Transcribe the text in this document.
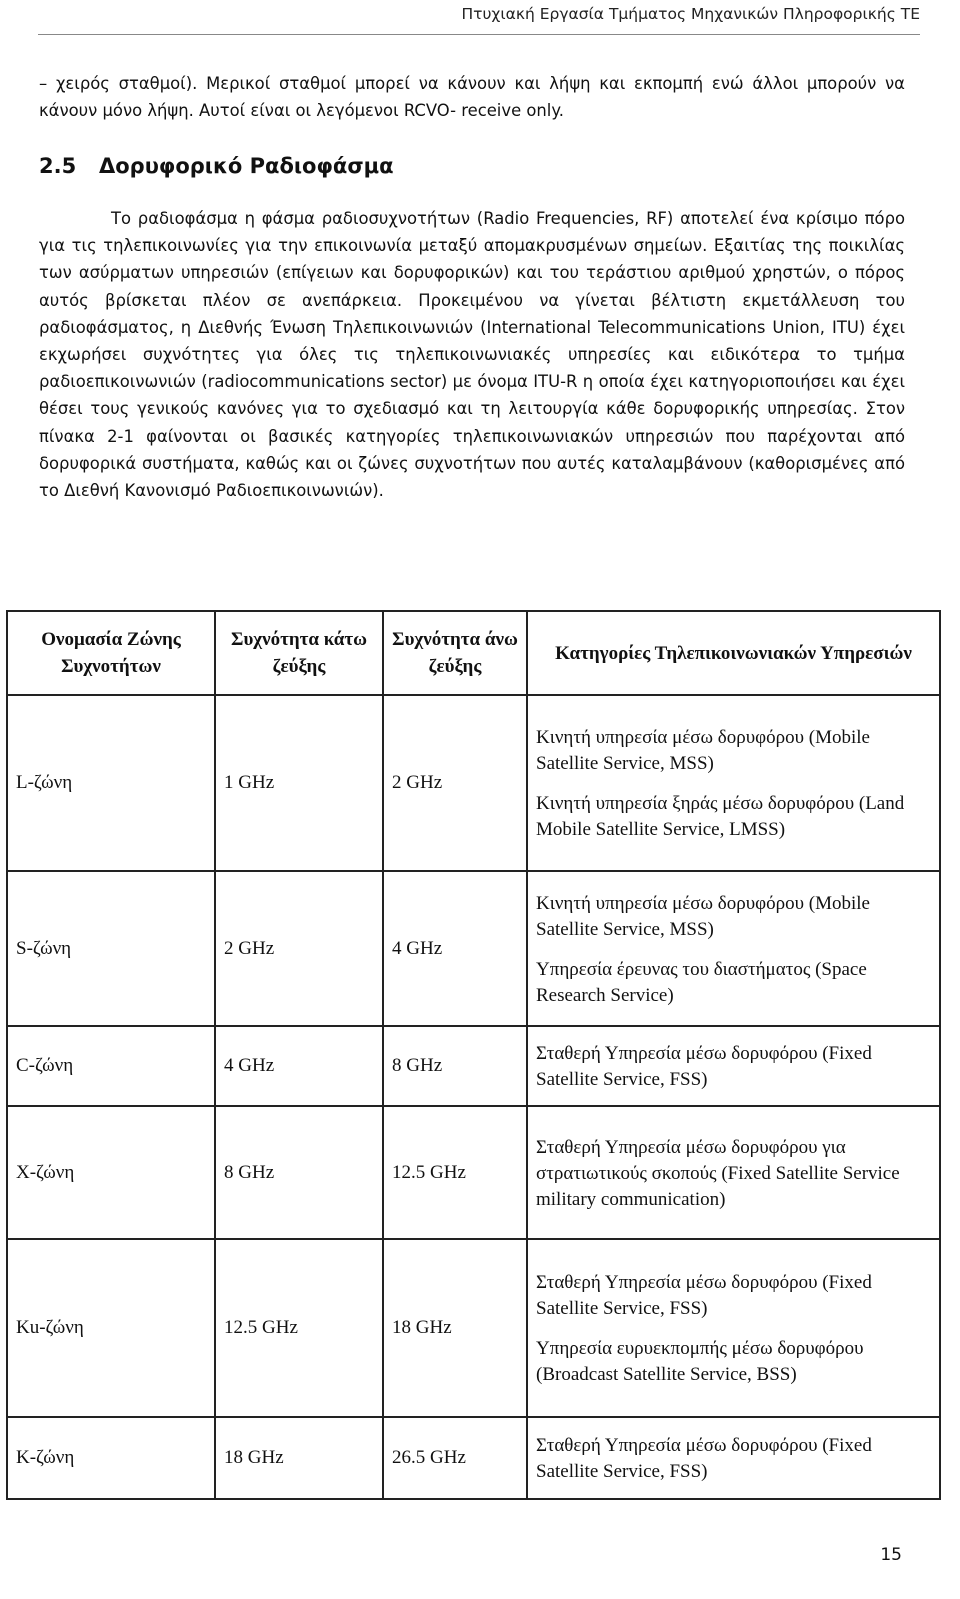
Πτυχιακή Εργασία Τμήματος Μηχανικών Πληροφορικής ΤΕ
– χειρός σταθμοί). Μερικοί σταθμοί μπορεί να κάνουν και λήψη και εκπομπή ενώ άλλοι μπορούν να κάνουν μόνο λήψη. Αυτοί είναι οι λεγόμενοι RCVO- receive only.
2.5 Δορυφορικό Ραδιοφάσμα
Το ραδιοφάσμα η φάσμα ραδιοσυχνοτήτων (Radio Frequencies, RF) αποτελεί ένα κρίσιμο πόρο για τις τηλεπικοινωνίες για την επικοινωνία μεταξύ απομακρυσμένων σημείων. Εξαιτίας της ποικιλίας των ασύρματων υπηρεσιών (επίγειων και δορυφορικών) και του τεράστιου αριθμού χρηστών, ο πόρος αυτός βρίσκεται πλέον σε ανεπάρκεια. Προκειμένου να γίνεται βέλτιστη εκμετάλλευση του ραδιοφάσματος, η Διεθνής Ένωση Τηλεπικοινωνιών (International Telecommunications Union, ITU) έχει εκχωρήσει συχνότητες για όλες τις τηλεπικοινωνιακές υπηρεσίες και ειδικότερα το τμήμα ραδιοεπικοινωνιών (radiocommunications sector) με όνομα ITU-R η οποία έχει κατηγοριοποιήσει και έχει θέσει τους γενικούς κανόνες για το σχεδιασμό και τη λειτουργία κάθε δορυφορικής υπηρεσίας. Στον πίνακα 2-1 φαίνονται οι βασικές κατηγορίες τηλεπικοινωνιακών υπηρεσιών που παρέχονται από δορυφορικά συστήματα, καθώς και οι ζώνες συχνοτήτων που αυτές καταλαμβάνουν (καθορισμένες από το Διεθνή Κανονισμό Ραδιοεπικοινωνιών).
Ονομασία Ζώνης Συχνοτήτων	Συχνότητα κάτω ζεύξης	Συχνότητα άνω ζεύξης	Κατηγορίες Τηλεπικοινωνιακών Υπηρεσιών
L-ζώνη	1 GHz	2 GHz	Κινητή υπηρεσία μέσω δορυφόρου (Mobile Satellite Service, MSS)
Κινητή υπηρεσία ξηράς μέσω δορυφόρου (Land Mobile Satellite Service, LMSS)

S-ζώνη	2 GHz	4 GHz	Κινητή υπηρεσία μέσω δορυφόρου (Mobile Satellite Service, MSS)
Υπηρεσία έρευνας του διαστήματος (Space Research Service)

C-ζώνη	4 GHz	8 GHz	Σταθερή Υπηρεσία μέσω δορυφόρου (Fixed Satellite Service, FSS)

X-ζώνη	8 GHz	12.5 GHz	Σταθερή Υπηρεσία μέσω δορυφόρου για στρατιωτικούς σκοπούς (Fixed Satellite Service military communication)

Ku-ζώνη	12.5 GHz	18 GHz	Σταθερή Υπηρεσία μέσω δορυφόρου (Fixed Satellite Service, FSS)
Υπηρεσία ευρυεκπομπής μέσω δορυφόρου (Broadcast Satellite Service, BSS)

K-ζώνη	18 GHz	26.5 GHz	Σταθερή Υπηρεσία μέσω δορυφόρου (Fixed Satellite Service, FSS)
15
